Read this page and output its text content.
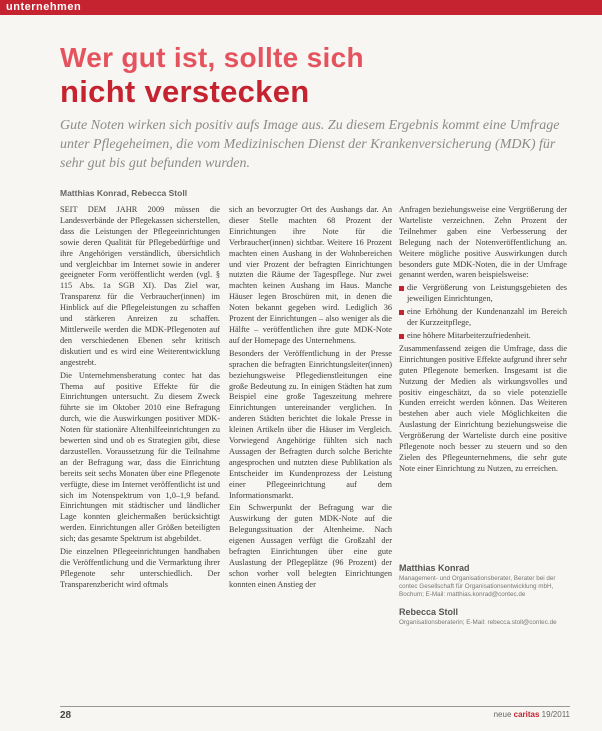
unternehmen
Wer gut ist, sollte sich
nicht verstecken
Gute Noten wirken sich positiv aufs Image aus. Zu diesem Ergebnis kommt eine Umfrage unter Pflegeheimen, die vom Medizinischen Dienst der Krankenversicherung (MDK) für sehr gut bis gut befunden wurden.
Matthias Konrad, Rebecca Stoll

SEIT DEM JAHR 2009 müssen die Landesverbände der Pflegekassen sicherstellen, dass die Leistungen der Pflegeeinrichtungen sowie deren Qualität für Pflegebedürftige und ihre Angehörigen verständlich, übersichtlich und vergleichbar im Internet sowie in anderer geeigneter Form veröffentlicht werden (vgl. § 115 Abs. 1a SGB XI). Das Ziel war, Transparenz für die Verbraucher(innen) im Hinblick auf die Pflegeleistungen zu schaffen und stärkeren Anreizen zu schaffen. Mittlerweile werden die MDK-Pflegenoten auf den verschiedenen Ebenen sehr kritisch diskutiert und es wird eine Weiterentwicklung angestrebt.

Die Unternehmensberatung contec hat das Thema auf positive Effekte für die Einrichtungen untersucht. Zu diesem Zweck führte sie im Oktober 2010 eine Befragung durch, wie die Auswirkungen positiver MDK-Noten für stationäre Altenhilfeeinrichtungen zu bewerten sind und ob es Strategien gibt, diese darzustellen. Voraussetzung für die Teilnahme an der Befragung war, dass die Einrichtung bereits seit sechs Monaten über eine Pflegenote verfügte, diese im Internet veröffentlicht ist und sich im Notenspektrum von 1,0–1,9 befand. Einrichtungen mit städtischer und ländlicher Lage konnten gleichermaßen berücksichtigt werden. Einrichtungen aller Größen beteiligten sich; das gesamte Spektrum ist abgebildet.

Die einzelnen Pflegeeinrichtungen handhaben die Veröffentlichung und die Vermarktung ihrer Pflegenote sehr unterschiedlich. Der Transparenzbericht wird oftmals

sich an bevorzugter Ort des Aushangs dar. An dieser Stelle machten 68 Prozent der Einrichtungen ihre Note für die Verbraucher(innen) sichtbar. Weitere 16 Prozent machten einen Aushang in der Wohnbereichen und vier Prozent der befragten Einrichtungen nutzten die Räume der Tagespflege. Nur zwei machten keinen Aushang im Haus. Manche Häuser legen Broschüren mit, in denen die Noten bekannt gegeben wird. Lediglich 36 Prozent der Einrichtungen – also weniger als die Hälfte – veröffentlichen ihre gute MDK-Note auf der Homepage des Unternehmens.

Besonders der Veröffentlichung in der Presse sprachen die befragten Einrichtungsleiter(innen) beziehungsweise Pflegedienstleitungen eine große Bedeutung zu. In einigen Städten hat zum Beispiel eine große Tageszeitung mehrere Einrichtungen untereinander verglichen. In anderen Städten berichtet die lokale Presse in kleinen Artikeln über die Häuser im Vergleich. Vorwiegend Angehörige fühlten sich nach Aussagen der Befragten durch solche Berichte angesprochen und nutzten diese Publikation als Entscheider im Kundenprozess der Leistung einer Pflegeeinrichtung auf dem Informationsmarkt.

Ein Schwerpunkt der Befragung war die Auswirkung der guten MDK-Note auf die Belegungssituation der Altenheime. Nach eigenen Aussagen verfügt die Großzahl der befragten Einrichtungen über eine gute Auslastung der Pflegeplätze (96 Prozent) der schon vorher voll belegten Einrichtungen konnten einen Anstieg der

Anfragen beziehungsweise eine Vergrößerung der Warteliste verzeichnen. Zehn Prozent der Teilnehmer gaben eine Verbesserung der Belegung nach der Notenveröffentlichung an. Weitere mögliche positive Auswirkungen durch besonders gute MDK-Noten, die in der Umfrage genannt werden, waren beispielsweise:

die Vergrößerung von Leistungsgebieten des jeweiligen Einrichtungen,

eine Erhöhung der Kundenanzahl im Bereich der Kurzzeitpflege,

eine höhere Mitarbeiterzufriedenheit.

Zusammenfassend zeigen die Umfrage, dass die Einrichtungen positive Effekte aufgrund ihrer sehr guten Pflegenote bemerken. Insgesamt ist die Nutzung der Medien als wirkungsvolles und positiv eingeschätzt, da so viele potenzielle Kunden erreicht werden können. Das Weiteren bestehen aber auch viele Möglichkeiten die Auslastung der Einrichtung beziehungsweise die Vergrößerung der Warteliste durch eine positive Pflegenote noch besser zu steuern und so den Zielen des Pflegeunternehmens, die sehr gute Note einer Einrichtung zu Nutzen, zu erreichen.

Matthias Konrad
Management- und Organisationsberater, Berater bei der contec Gesellschaft für Organisationsentwicklung mbH, Bochum; E-Mail: matthias.konrad@contec.de
Rebecca Stoll
Organisationsberaterin; E-Mail: rebecca.stoll@contec.de
28	neue caritas 19/2011
